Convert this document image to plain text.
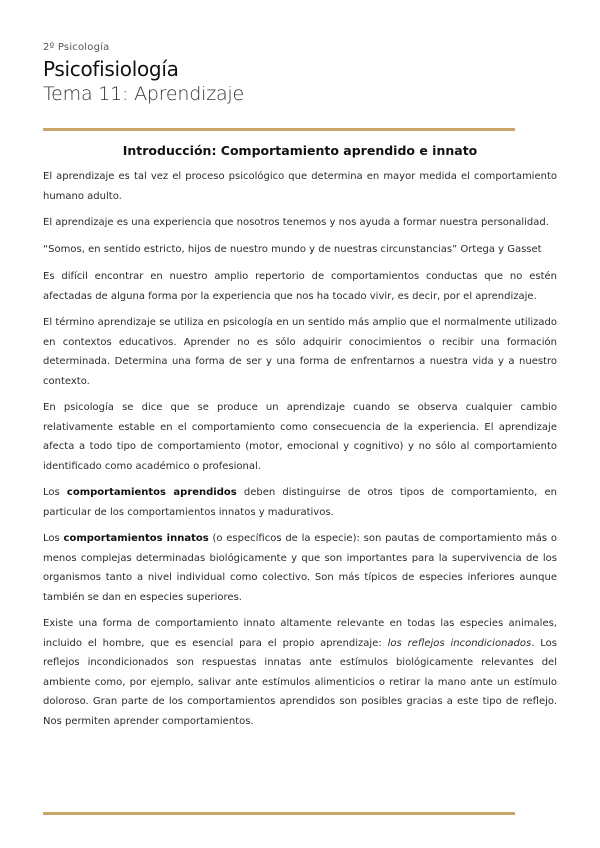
2º Psicología
Psicofisiología
Tema 11: Aprendizaje
Introducción: Comportamiento aprendido e innato

El aprendizaje es tal vez el proceso psicológico que determina en mayor medida el comportamiento humano adulto.

El aprendizaje es una experiencia que nosotros tenemos y nos ayuda a formar nuestra personalidad.

“Somos, en sentido estricto, hijos de nuestro mundo y de nuestras circunstancias” Ortega y Gasset

Es difícil encontrar en nuestro amplio repertorio de comportamientos conductas que no estén afectadas de alguna forma por la experiencia que nos ha tocado vivir, es decir, por el aprendizaje.

El término aprendizaje se utiliza en psicología en un sentido más amplio que el normalmente utilizado en contextos educativos. Aprender no es sólo adquirir conocimientos o recibir una formación determinada. Determina una forma de ser y una forma de enfrentarnos a nuestra vida y a nuestro contexto.

En psicología se dice que se produce un aprendizaje cuando se observa cualquier cambio relativamente estable en el comportamiento como consecuencia de la experiencia. El aprendizaje afecta a todo tipo de comportamiento (motor, emocional y cognitivo) y no sólo al comportamiento identificado como académico o profesional.

Los comportamientos aprendidos deben distinguirse de otros tipos de comportamiento, en particular de los comportamientos innatos y madurativos.

Los comportamientos innatos (o específicos de la especie): son pautas de comportamiento más o menos complejas determinadas biológicamente y que son importantes para la supervivencia de los organismos tanto a nivel individual como colectivo. Son más típicos de especies inferiores aunque también se dan en especies superiores.

Existe una forma de comportamiento innato altamente relevante en todas las especies animales, incluido el hombre, que es esencial para el propio aprendizaje: los reflejos incondicionados. Los reflejos incondicionados son respuestas innatas ante estímulos biológicamente relevantes del ambiente como, por ejemplo, salivar ante estímulos alimenticios o retirar la mano ante un estímulo doloroso. Gran parte de los comportamientos aprendidos son posibles gracias a este tipo de reflejo. Nos permiten aprender comportamientos.
